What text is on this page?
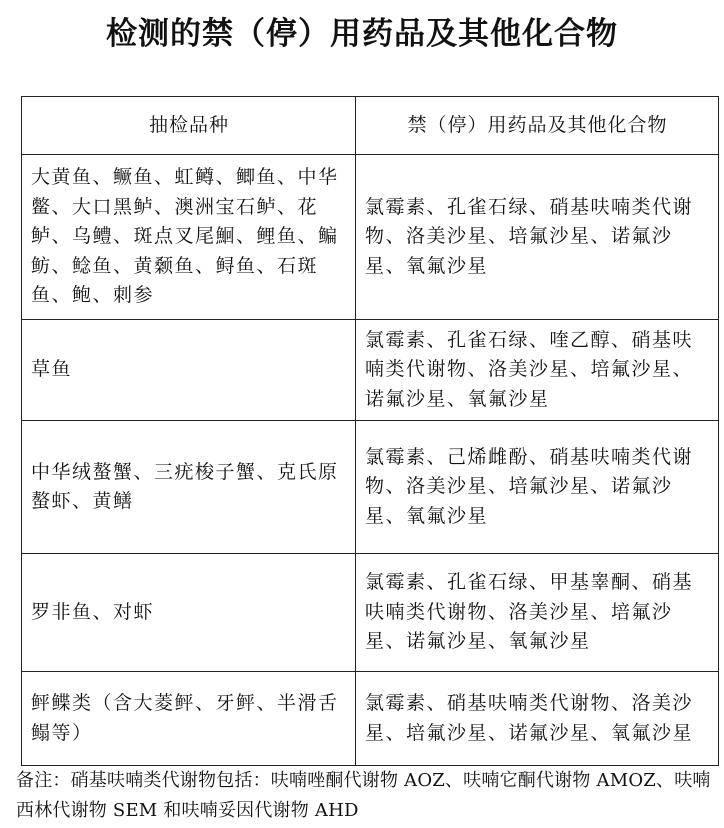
检测的禁（停）用药品及其他化合物
抽检品种	禁（停）用药品及其他化合物
大黄鱼、鳜鱼、虹鳟、鲫鱼、中华鳖、大口黑鲈、澳洲宝石鲈、花鲈、乌鳢、斑点叉尾鮰、鲤鱼、鳊鲂、鲶鱼、黄颡鱼、鲟鱼、石斑鱼、鲍、刺参	氯霉素、孔雀石绿、硝基呋喃类代谢物、洛美沙星、培氟沙星、诺氟沙星、氧氟沙星
草鱼	氯霉素、孔雀石绿、喹乙醇、硝基呋喃类代谢物、洛美沙星、培氟沙星、诺氟沙星、氧氟沙星
中华绒螯蟹、三疣梭子蟹、克氏原螯虾、黄鳝	氯霉素、己烯雌酚、硝基呋喃类代谢物、洛美沙星、培氟沙星、诺氟沙星、氧氟沙星
罗非鱼、对虾	氯霉素、孔雀石绿、甲基睾酮、硝基呋喃类代谢物、洛美沙星、培氟沙星、诺氟沙星、氧氟沙星
鲆鲽类（含大菱鲆、牙鲆、半滑舌鳎等）	氯霉素、硝基呋喃类代谢物、洛美沙星、培氟沙星、诺氟沙星、氧氟沙星
备注：硝基呋喃类代谢物包括：呋喃唑酮代谢物 AOZ、呋喃它酮代谢物 AMOZ、呋喃西林代谢物 SEM 和呋喃妥因代谢物 AHD
